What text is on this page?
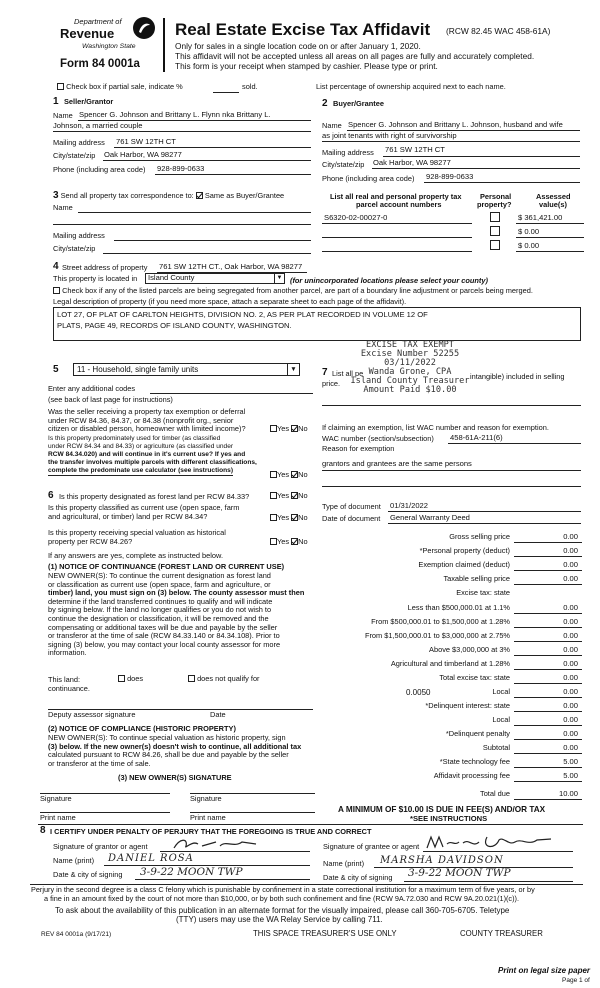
Department of
Revenue
Washington State
Form 84 0001a
Real Estate Excise Tax Affidavit (RCW 82.45 WAC 458-61A)
Only for sales in a single location code on or after January 1, 2020.
This affidavit will not be accepted unless all areas on all pages are fully and accurately completed.
This form is your receipt when stamped by cashier. Please type or print.
Check box if partial sale, indicate %	sold.	List percentage of ownership acquired next to each name.
1 Seller/Grantor
Name Spencer G. Johnson and Brittany L. Flynn nka Brittany L.
Johnson, a married couple
Mailing address 761 SW 12TH CT
City/state/zip Oak Harbor, WA 98277
Phone (including area code) 928-899-0633
2 Buyer/Grantee
Name Spencer G. Johnson and Brittany L. Johnson, husband and wife
as joint tenants with right of survivorship
Mailing address 761 SW 12TH CT
City/state/zip Oak Harbor, WA 98277
Phone (including area code) 928-899-0633
3 Send all property tax correspondence to: Same as Buyer/Grantee
Name
Mailing address
City/state/zip
List all real and personal property tax
parcel account numbers
Personal
property?
Assessed
value(s)
S6320-02-00027-0	$ 361,421.00
$ 0.00
$ 0.00
4 Street address of property 761 SW 12TH CT., Oak Harbor, WA 98277
This property is located in Island County	▼ (for unincorporated locations please select your county)
Check box if any of the listed parcels are being segregated from another parcel, are part of a boundary line adjustment or parcels being merged.
Legal description of property (if you need more space, attach a separate sheet to each page of the affidavit).
LOT 27, OF PLAT OF CARLTON HEIGHTS, DIVISION NO. 2, AS PER PLAT RECORDED IN VOLUME 12 OF
PLATS, PAGE 49, RECORDS OF ISLAND COUNTY, WASHINGTON.
EXCISE TAX EXEMPT
Excise Number 52255
03/11/2022
Wanda Grone, CPA
Island County Treasurer
Amount Paid $10.00
5 11 - Household, single family units	▼
Enter any additional codes
(see back of last page for instructions)
Was the seller receiving a property tax exemption or deferral
under RCW 84.36, 84.37, or 84.38 (nonprofit org., senior
citizen or disabled person, homeowner with limited income)?	Yes No
Is this property predominately used for timber (as classified
under RCW 84.34 and 84.33) or agriculture (as classified under
RCW 84.34.020) and will continue in it's current use? If yes and
the transfer involves multiple parcels with different classifications,
complete the predominate use calculator (see instructions)	Yes No
7 List all pe
price.
intangible) included in selling
If claiming an exemption, list WAC number and reason for exemption.
WAC number (section/subsection) 458-61A-211(6)
Reason for exemption
grantors and grantees are the same persons
6 Is this property designated as forest land per RCW 84.33?	Yes No
Is this property classified as current use (open space, farm
and agricultural, or timber) land per RCW 84.34?	Yes No
Is this property receiving special valuation as historical
property per RCW 84.26?	Yes No
If any answers are yes, complete as instructed below.
(1) NOTICE OF CONTINUANCE (FOREST LAND OR CURRENT USE)
NEW OWNER(S): To continue the current designation as forest land
or classification as current use (open space, farm and agriculture, or
timber) land, you must sign on (3) below. The county assessor must then
determine if the land transferred continues to qualify and will indicate
by signing below. If the land no longer qualifies or you do not wish to
continue the designation or classification, it will be removed and the
compensating or additional taxes will be due and payable by the seller
or transferor at the time of sale (RCW 84.33.140 or 84.34.108). Prior to
signing (3) below, you may contact your local county assessor for more
information.
This land:
continuance.
does	does not qualify for
Deputy assessor signature	Date
(2) NOTICE OF COMPLIANCE (HISTORIC PROPERTY)
NEW OWNER(S): To continue special valuation as historic property, sign
(3) below. If the new owner(s) doesn't wish to continue, all additional tax
calculated pursuant to RCW 84.26, shall be due and payable by the seller
or transferor at the time of sale.
(3) NEW OWNER(S) SIGNATURE
Signature	Signature
Print name	Print name
Type of document 01/31/2022
Date of document General Warranty Deed
Gross selling price	0.00
*Personal property (deduct)	0.00
Exemption claimed (deduct)	0.00
Taxable selling price	0.00
Excise tax: state
Less than $500,000.01 at 1.1%	0.00
From $500,000.01 to $1,500,000 at 1.28%	0.00
From $1,500,000.01 to $3,000,000 at 2.75%	0.00
Above $3,000,000 at 3%	0.00
Agricultural and timberland at 1.28%	0.00
Total excise tax: state	0.00
0.0050	Local	0.00
*Delinquent interest: state	0.00
Local	0.00
*Delinquent penalty	0.00
Subtotal	0.00
*State technology fee	5.00
Affidavit processing fee	5.00
Total due	10.00
A MINIMUM OF $10.00 IS DUE IN FEE(S) AND/OR TAX
*SEE INSTRUCTIONS
8 I CERTIFY UNDER PENALTY OF PERJURY THAT THE FOREGOING IS TRUE AND CORRECT
Signature of grantor or agent	Signature of grantee or agent
Name (print) DANIEL ROSA	Name (print) MARSHA DAVIDSON
Date & city of signing 3-9-22 MOON TWP	Date & city of signing 3-9-22 MOON TWP
Perjury in the second degree is a class C felony which is punishable by confinement in a state correctional institution for a maximum term of five years, or by
a fine in an amount fixed by the court of not more than $10,000, or by both such confinement and fine (RCW 9A.72.030 and RCW 9A.20.021(1)(c)).
To ask about the availability of this publication in an alternate format for the visually impaired, please call 360-705-6705. Teletype
(TTY) users may use the WA Relay Service by calling 711.
REV 84 0001a (9/17/21)	THIS SPACE TREASURER'S USE ONLY	COUNTY TREASURER
Print on legal size paper
Page 1 of
